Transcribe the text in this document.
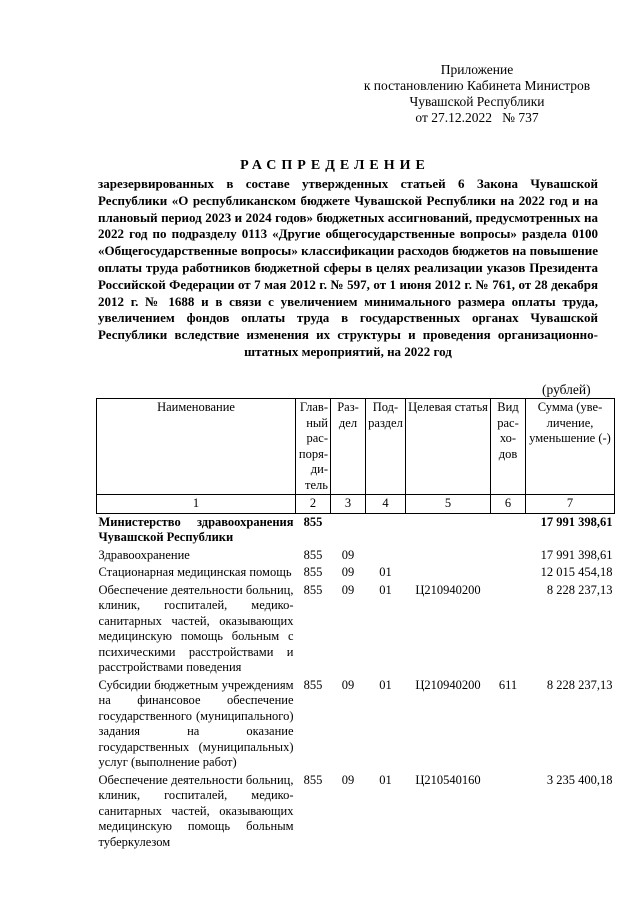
Приложение
к постановлению Кабинета Министров
Чувашской Республики
от 27.12.2022   № 737
РАСПРЕДЕЛЕНИЕ
зарезервированных в составе утвержденных статьей 6 Закона Чувашской Республики «О республиканском бюджете Чувашской Республики на 2022 год и на плановый период 2023 и 2024 годов» бюджетных ассигнований, предусмотренных на 2022 год по подразделу 0113 «Другие общегосударственные вопросы» раздела 0100 «Общегосударственные вопросы» классификации расходов бюджетов на повышение оплаты труда работников бюджетной сферы в целях реализации указов Президента Российской Федерации от 7 мая 2012 г. № 597, от 1 июня 2012 г. № 761, от 28 декабря 2012 г. № 1688 и в связи с увеличением минимального размера оплаты труда, увеличением фондов оплаты труда в государственных органах Чувашской Республики вследствие изменения их структуры и проведения организационно-штатных мероприятий, на 2022 год
(рублей)
Наименование	Главный распорядитель	Раздел	Подраздел	Целевая статья	Вид расходов	Сумма (увеличение, уменьшение (-)
1	2	3	4	5	6	7
Министерство здравоохранения Чувашской Республики	855					17 991 398,61
Здравоохранение	855	09				17 991 398,61
Стационарная медицинская помощь	855	09	01			12 015 454,18
Обеспечение деятельности больниц, клиник, госпиталей, медико-санитарных частей, оказывающих медицинскую помощь больным с психическими расстройствами и расстройствами поведения	855	09	01	Ц210940200		8 228 237,13
Субсидии бюджетным учреждениям на финансовое обеспечение государственного (муниципального) задания на оказание государственных (муниципальных) услуг (выполнение работ)	855	09	01	Ц210940200	611	8 228 237,13
Обеспечение деятельности больниц, клиник, госпиталей, медико-санитарных частей, оказывающих медицинскую помощь больным туберкулезом	855	09	01	Ц210540160		3 235 400,18
